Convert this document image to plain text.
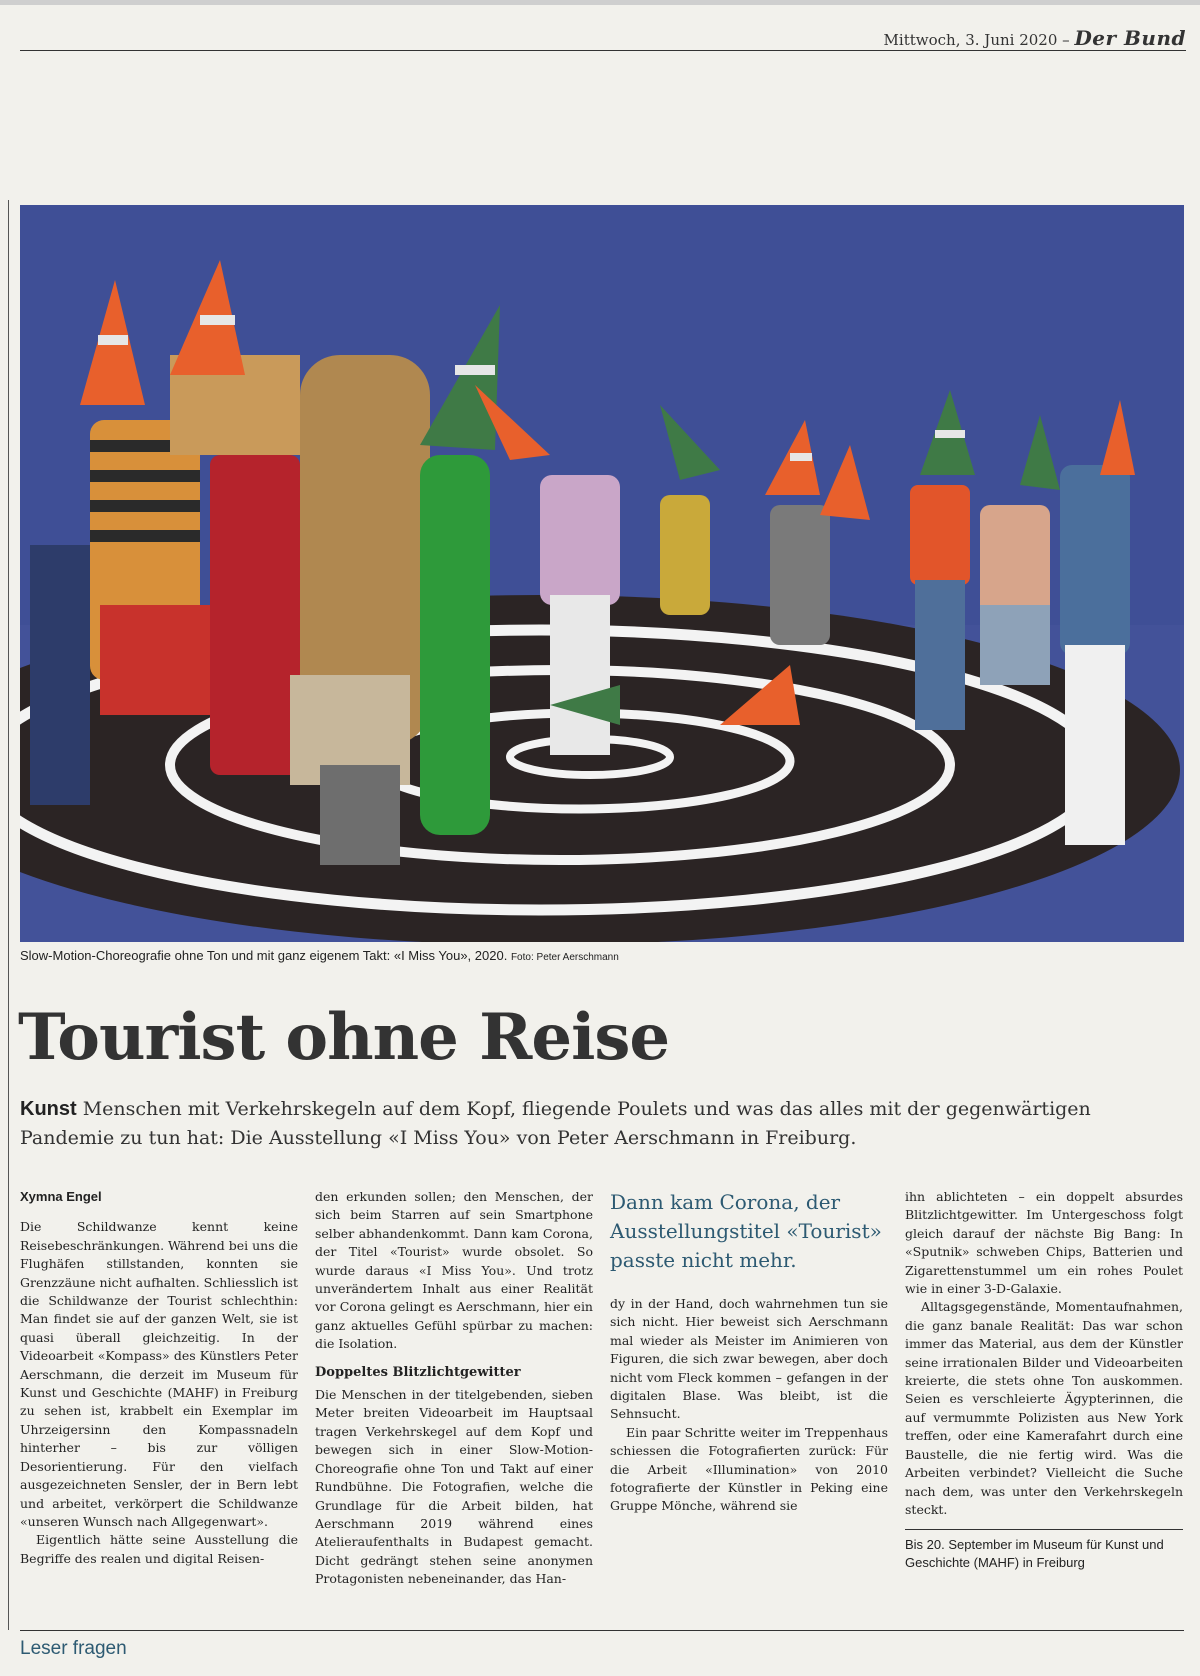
Mittwoch, 3. Juni 2020 – Der Bund
Slow-Motion-Choreografie ohne Ton und mit ganz eigenem Takt: «I Miss You», 2020. Foto: Peter Aerschmann
Tourist ohne Reise

Kunst Menschen mit Verkehrskegeln auf dem Kopf, fliegende Poulets und was das alles mit der gegenwärtigen Pandemie zu tun hat: Die Ausstellung «I Miss You» von Peter Aerschmann in Freiburg.

Xymna Engel

Die Schildwanze kennt keine Reisebeschränkungen. Während bei uns die Flughäfen stillstanden, konnten sie Grenzzäune nicht aufhalten. Schliesslich ist die Schildwanze der Tourist schlechthin: Man findet sie auf der ganzen Welt, sie ist quasi überall gleichzeitig. In der Videoarbeit «Kompass» des Künstlers Peter Aerschmann, die derzeit im Museum für Kunst und Geschichte (MAHF) in Freiburg zu sehen ist, krabbelt ein Exemplar im Uhrzeigersinn den Kompassnadeln hinterher – bis zur völligen Desorientierung. Für den vielfach ausgezeichneten Sensler, der in Bern lebt und arbeitet, verkörpert die Schildwanze «unseren Wunsch nach Allgegenwart».

Eigentlich hätte seine Ausstellung die Begriffe des realen und digital Reisen-

den erkunden sollen; den Menschen, der sich beim Starren auf sein Smartphone selber abhandenkommt. Dann kam Corona, der Titel «Tourist» wurde obsolet. So wurde daraus «I Miss You». Und trotz unverändertem Inhalt aus einer Realität vor Corona gelingt es Aerschmann, hier ein ganz aktuelles Gefühl spürbar zu machen: die Isolation.

Doppeltes Blitzlichtgewitter

Die Menschen in der titelgebenden, sieben Meter breiten Videoarbeit im Hauptsaal tragen Verkehrskegel auf dem Kopf und bewegen sich in einer Slow-Motion-Choreografie ohne Ton und Takt auf einer Rundbühne. Die Fotografien, welche die Grundlage für die Arbeit bilden, hat Aerschmann 2019 während eines Atelieraufenthalts in Budapest gemacht. Dicht gedrängt stehen seine anonymen Protagonisten nebeneinander, das Han-

Dann kam Corona, der Ausstellungstitel «Tourist» passte nicht mehr.

dy in der Hand, doch wahrnehmen tun sie sich nicht. Hier beweist sich Aerschmann mal wieder als Meister im Animieren von Figuren, die sich zwar bewegen, aber doch nicht vom Fleck kommen – gefangen in der digitalen Blase. Was bleibt, ist die Sehnsucht.

Ein paar Schritte weiter im Treppenhaus schiessen die Fotografierten zurück: Für die Arbeit «Illumination» von 2010 fotografierte der Künstler in Peking eine Gruppe Mönche, während sie

ihn ablichteten – ein doppelt absurdes Blitzlichtgewitter. Im Untergeschoss folgt gleich darauf der nächste Big Bang: In «Sputnik» schweben Chips, Batterien und Zigarettenstummel um ein rohes Poulet wie in einer 3-D-Galaxie.

Alltagsgegenstände, Momentaufnahmen, die ganz banale Realität: Das war schon immer das Material, aus dem der Künstler seine irrationalen Bilder und Videoarbeiten kreierte, die stets ohne Ton auskommen. Seien es verschleierte Ägypterinnen, die auf vermummte Polizisten aus New York treffen, oder eine Kamerafahrt durch eine Baustelle, die nie fertig wird. Was die Arbeiten verbindet? Vielleicht die Suche nach dem, was unter den Verkehrskegeln steckt.

Bis 20. September im Museum für Kunst und Geschichte (MAHF) in Freiburg
Leser fragen
